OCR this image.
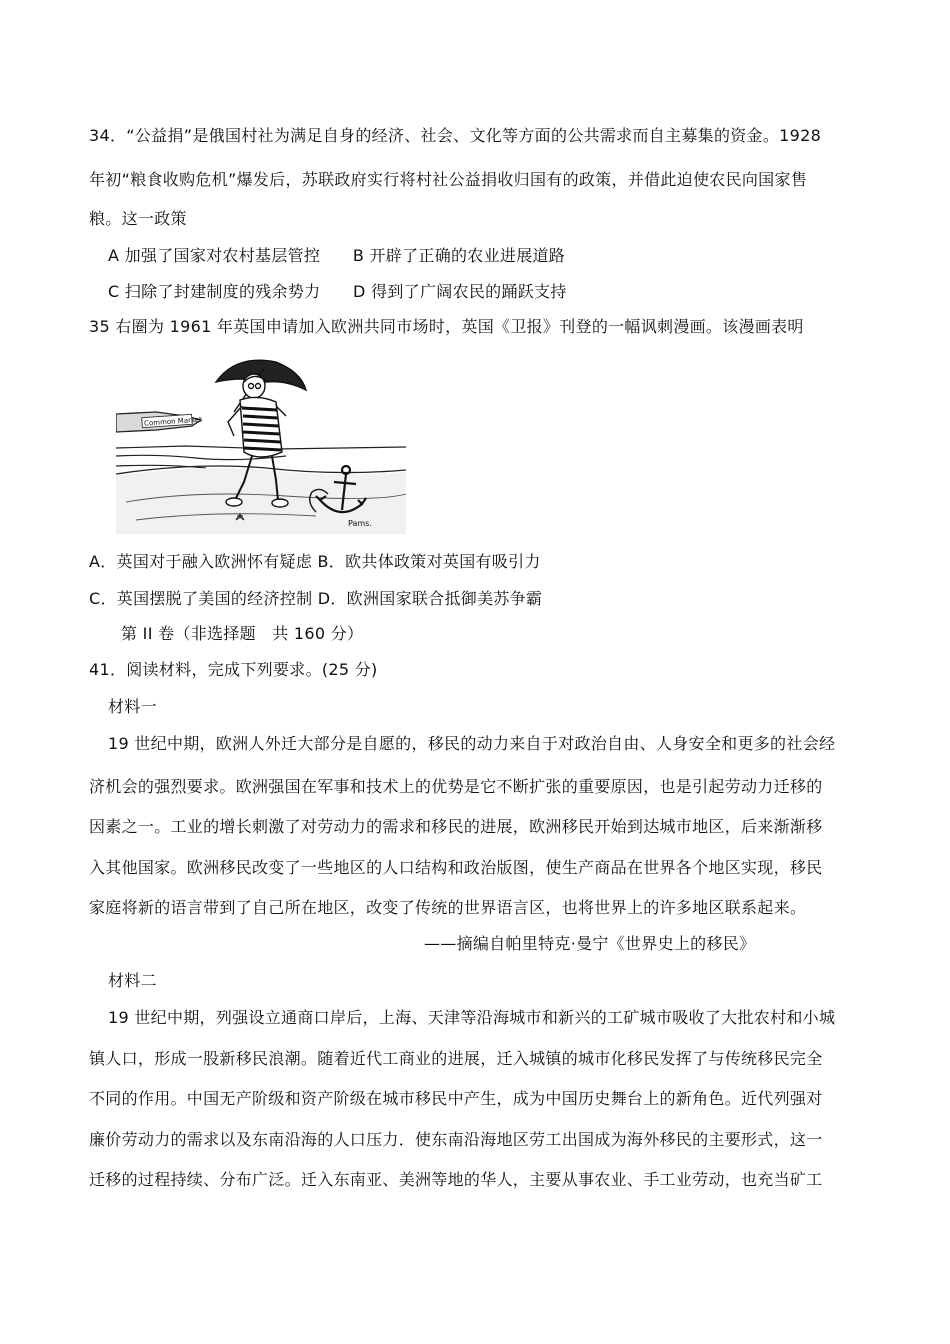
34．“公益捐”是俄国村社为满足自身的经济、社会、文化等方面的公共需求而自主募集的资金。1928
年初“粮食收购危机”爆发后，苏联政府实行将村社公益捐收归国有的政策，并借此迫使农民向国家售
粮。这一政策
A 加强了国家对农村基层管控　　B 开辟了正确的农业进展道路
C 扫除了封建制度的残余势力　　D 得到了广阔农民的踊跃支持
35 右圈为 1961 年英国申请加入欧洲共同市场时，英国《卫报》刊登的一幅讽刺漫画。该漫画表明
Common Market
Pams.
A．英国对于融入欧洲怀有疑虑 B．欧共体政策对英国有吸引力
C．英国摆脱了美国的经济控制 D．欧洲国家联合抵御美苏争霸
第 II 卷（非选择题　共 160 分）
41．阅读材料，完成下列要求。(25 分)
材料一
19 世纪中期，欧洲人外迁大部分是自愿的，移民的动力来自于对政治自由、人身安全和更多的社会经
济机会的强烈要求。欧洲强国在军事和技术上的优势是它不断扩张的重要原因，也是引起劳动力迁移的
因素之一。工业的增长刺激了对劳动力的需求和移民的进展，欧洲移民开始到达城市地区，后来渐渐移
入其他国家。欧洲移民改变了一些地区的人口结构和政治版图，使生产商品在世界各个地区实现，移民
家庭将新的语言带到了自己所在地区，改变了传统的世界语言区，也将世界上的许多地区联系起来。
——摘编自帕里特克·曼宁《世界史上的移民》
材料二
19 世纪中期，列强设立通商口岸后，上海、天津等沿海城市和新兴的工矿城市吸收了大批农村和小城
镇人口，形成一股新移民浪潮。随着近代工商业的进展，迁入城镇的城市化移民发挥了与传统移民完全
不同的作用。中国无产阶级和资产阶级在城市移民中产生，成为中国历史舞台上的新角色。近代列强对
廉价劳动力的需求以及东南沿海的人口压力．使东南沿海地区劳工出国成为海外移民的主要形式，这一
迁移的过程持续、分布广泛。迁入东南亚、美洲等地的华人，主要从事农业、手工业劳动，也充当矿工
